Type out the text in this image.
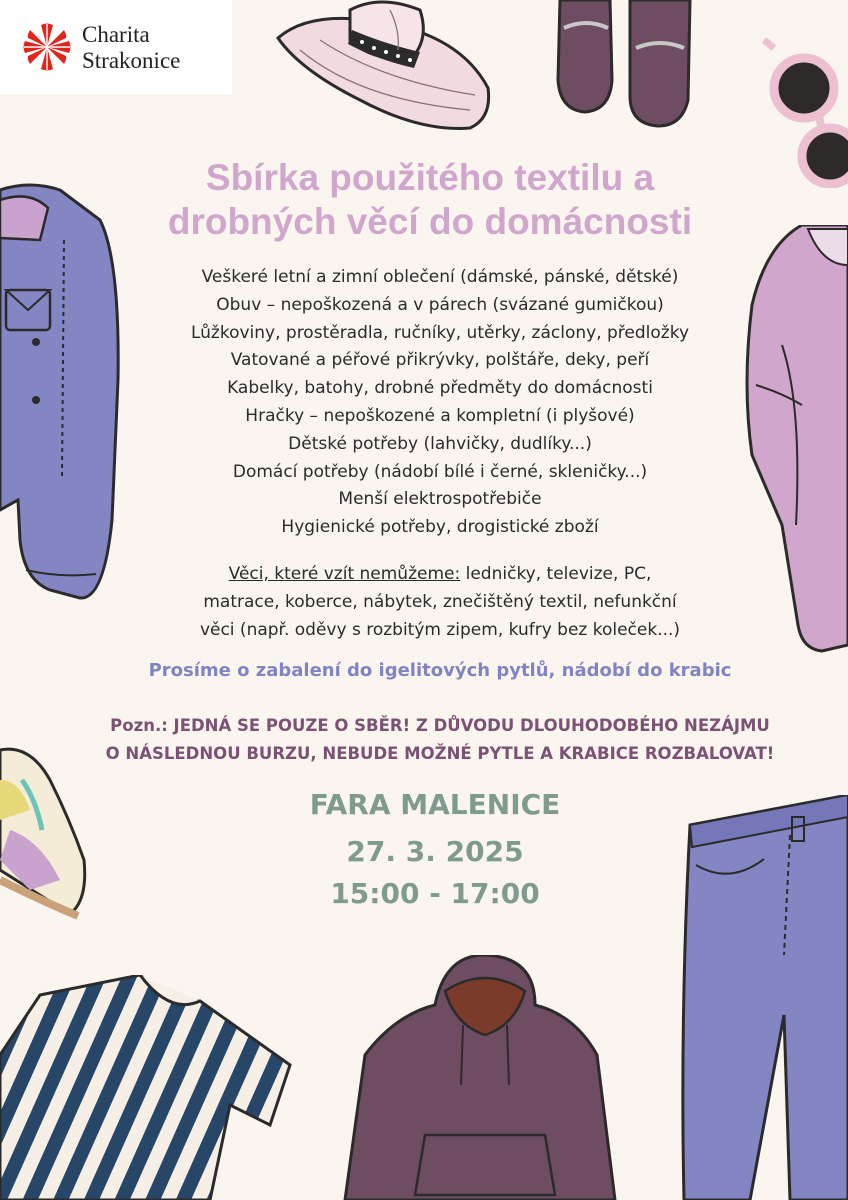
Charita
Strakonice
Sbírka použitého textilu a
drobných věcí do domácnosti
Veškeré letní a zimní oblečení (dámské, pánské, dětské)
Obuv – nepoškozená a v párech (svázané gumičkou)
Lůžkoviny, prostěradla, ručníky, utěrky, záclony, předložky
Vatované a péřové přikrývky, polštáře, deky, peří
Kabelky, batohy, drobné předměty do domácnosti
Hračky – nepoškozené a kompletní (i plyšové)
Dětské potřeby (lahvičky, dudlíky...)
Domácí potřeby (nádobí bílé i černé, skleničky...)
Menší elektrospotřebiče
Hygienické potřeby, drogistické zboží
Věci, které vzít nemůžeme: ledničky, televize, PC,
matrace, koberce, nábytek, znečištěný textil, nefunkční
věci (např. oděvy s rozbitým zipem, kufry bez koleček...)
Prosíme o zabalení do igelitových pytlů, nádobí do krabic
Pozn.: JEDNÁ SE POUZE O SBĚR! Z DŮVODU DLOUHODOBÉHO NEZÁJMU
O NÁSLEDNOU BURZU, NEBUDE MOŽNÉ PYTLE A KRABICE ROZBALOVAT!
FARA MALENICE
27. 3. 2025
15:00 - 17:00
